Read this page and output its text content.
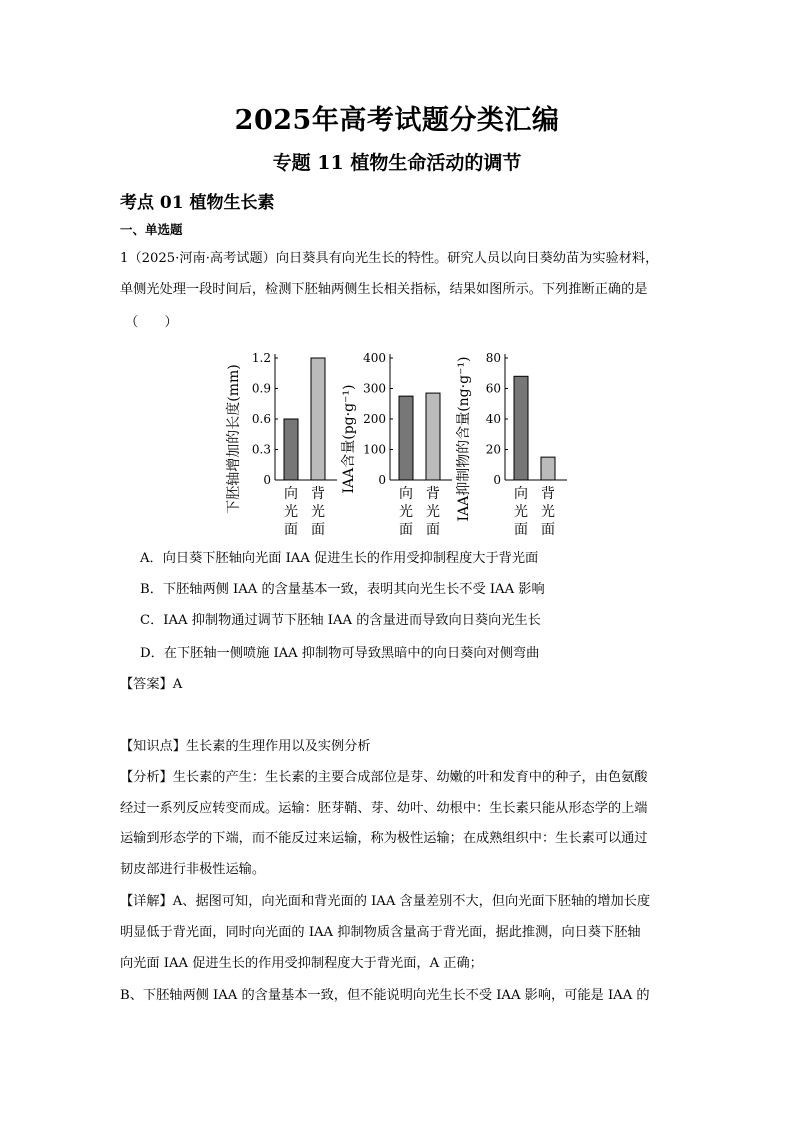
2025年高考试题分类汇编
专题 11 植物生命活动的调节
考点 01 植物生长素
一、单选题
1（2025·河南·高考试题）向日葵具有向光生长的特性。研究人员以向日葵幼苗为实验材料，
单侧光处理一段时间后，检测下胚轴两侧生长相关指标，结果如图所示。下列推断正确的是
（　　）
0
0.3
0.6
0.9
1.2
下胚轴增加的长度(mm)	向
光
面
背
光
面
0
100
200
300
400
IAA含量(pg·g⁻¹)
向
光
面
背
光
面
0
20
40
60
80
IAA抑制物的含量(ng·g⁻¹)	向
光
面
背
光
面
A．向日葵下胚轴向光面 IAA 促进生长的作用受抑制程度大于背光面
B．下胚轴两侧 IAA 的含量基本一致，表明其向光生长不受 IAA 影响
C．IAA 抑制物通过调节下胚轴 IAA 的含量进而导致向日葵向光生长
D．在下胚轴一侧喷施 IAA 抑制物可导致黑暗中的向日葵向对侧弯曲
【答案】A
【知识点】生长素的生理作用以及实例分析
【分析】生长素的产生：生长素的主要合成部位是芽、幼嫩的叶和发育中的种子，由色氨酸
经过一系列反应转变而成。运输：胚芽鞘、芽、幼叶、幼根中：生长素只能从形态学的上端
运输到形态学的下端，而不能反过来运输，称为极性运输；在成熟组织中：生长素可以通过
韧皮部进行非极性运输。
【详解】A、据图可知，向光面和背光面的 IAA 含量差别不大，但向光面下胚轴的增加长度
明显低于背光面，同时向光面的 IAA 抑制物质含量高于背光面，据此推测，向日葵下胚轴
向光面 IAA 促进生长的作用受抑制程度大于背光面，A 正确；
B、下胚轴两侧 IAA 的含量基本一致，但不能说明向光生长不受 IAA 影响，可能是 IAA 的
